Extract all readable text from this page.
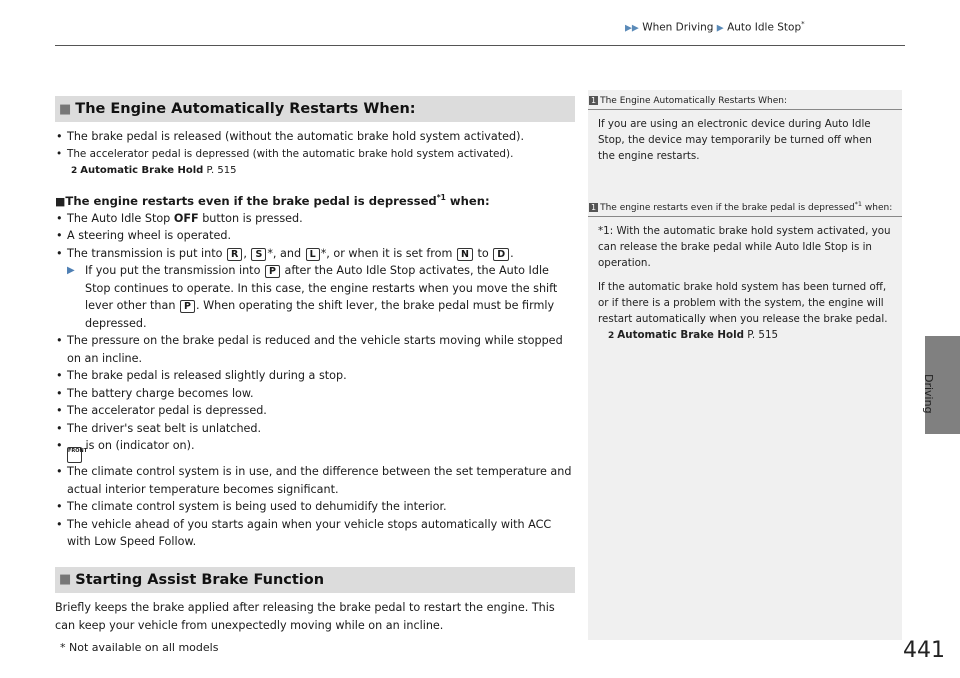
▶▶ When Driving ▶ Auto Idle Stop*
Driving
■ The Engine Automatically Restarts When:
• The brake pedal is released (without the automatic brake hold system activated).
• The accelerator pedal is depressed (with the automatic brake hold system activated).
2 Automatic Brake Hold P. 515
■The engine restarts even if the brake pedal is depressed$^{*1}$ when:
• The Auto Idle Stop OFF button is pressed.
• A steering wheel is operated.
• The transmission is put into R , S *, and L *, or when it is set from N to D .
▶ If you put the transmission into P after the Auto Idle Stop activates, the Auto Idle Stop continues to operate. In this case, the engine restarts when you move the shift lever other than P . When operating the shift lever, the brake pedal must be firmly depressed.
• The pressure on the brake pedal is reduced and the vehicle starts moving while stopped on an incline.
• The brake pedal is released slightly during a stop.
• The battery charge becomes low.
• The accelerator pedal is depressed.
• The driver's seat belt is unlatched.
• FRONT is on (indicator on).
• The climate control system is in use, and the difference between the set temperature and actual interior temperature becomes significant.
• The climate control system is being used to dehumidify the interior.
• The vehicle ahead of you starts again when your vehicle stops automatically with ACC with Low Speed Follow.
■ Starting Assist Brake Function
Briefly keeps the brake applied after releasing the brake pedal to restart the engine. This can keep your vehicle from unexpectedly moving while on an incline.
1 The Engine Automatically Restarts When:

If you are using an electronic device during Auto Idle Stop, the device may temporarily be turned off when the engine restarts.

1 The engine restarts even if the brake pedal is depressed$^{*1}$ when:

*1: With the automatic brake hold system activated, you can release the brake pedal while Auto Idle Stop is in operation.

If the automatic brake hold system has been turned off, or if there is a problem with the system, the engine will restart automatically when you release the brake pedal.

2 Automatic Brake Hold P. 515
* Not available on all models	441
